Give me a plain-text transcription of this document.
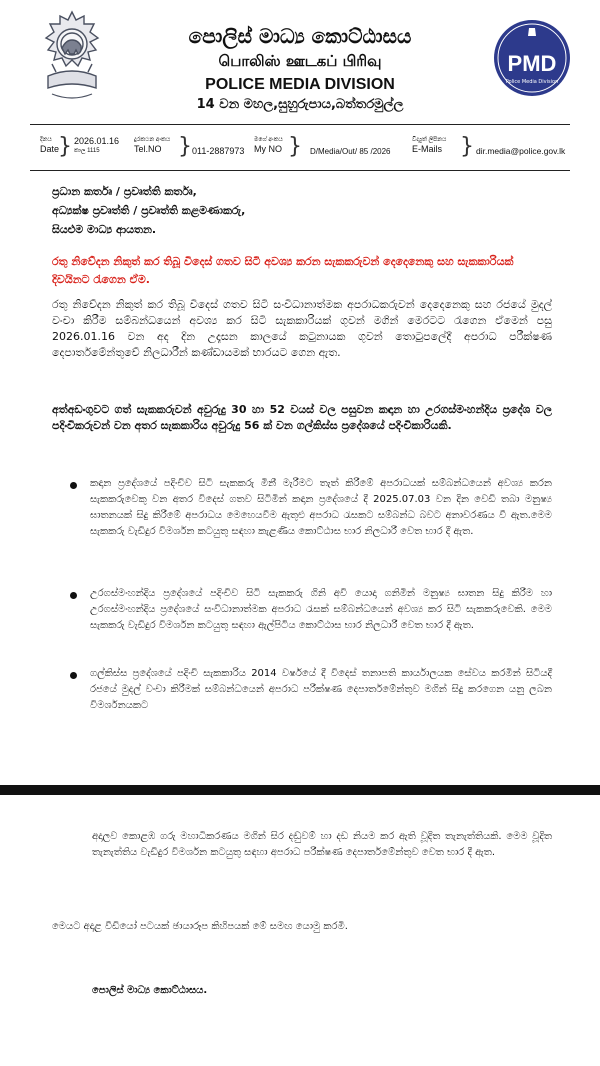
පොලිස් මාධ්‍ය කොට්ඨාසය
பொலிஸ் ஊடகப் பிரிவு
POLICE MEDIA DIVISION
14 වන මහල,සුහුරුපාය,බත්තරමුල්ල
PMD
Police Media Division
දිනය
Date
} 2026.01.16
කාල 1115
දුරකථන අංකය
Tel.NO } 011-2887973
මගේ අංකය
My NO } D/Media/Out/ 85 /2026
විද්‍යුත් ලිපිනය
E-Mails } dir.media@police.gov.lk
ප්‍රධාන කර්තෘ / ප්‍රවෘත්ති කර්තෘ,
අධ්‍යක්ෂ ප්‍රවෘත්ති / ප්‍රවෘත්ති කළමණාකරු,
සියළුම මාධ්‍ය ආයතන.
රතු නිවේදන නිකුත් කර තිබූ විදෙස් ගතව සිටි අවශ්‍ය කරන සැකකරුවන් දෙදෙනෙකු සහ සැකකාරියක් දිවයිනට රැගෙන ඒම.
රතු නිවේදන නිකුත් කර තිබූ විදෙස් ගතව සිටි සංවිධානාත්මක අපරාධකරුවන් දෙදෙනෙකු සහ රජයේ මුදල් වංචා කිරීම සම්බන්ධයෙන් අවශ්‍ය කර සිටි සැකකාරියක් ගුවන් මගින් මෙරටට රැගෙන ඒමෙන් පසු 2026.01.16 වන අද දින උදෑසන කාලයේ කටුනායක ගුවන් තොටුපලේදී අපරාධ පරීක්ෂණ දෙපාර්තමේන්තුවේ නිලධාරීන් කණ්ඩායමක් භාරයට ගෙන ඇත.
අත්අඩංගුවට ගත් සැකකරුවන් අවුරුදු 30 හා 52 වයස් වල පසුවන කඳාන හා උරගස්මංහන්දිය ප්‍රදේශ වල පදිංචිකරුවන් වන අතර සැකකාරිය අවුරුදු 56 ක් වන ගල්කිස්ස ප්‍රදේශයේ පදිංචිකාරියකි.
කඳාන ප්‍රදේශයේ පදිංචිව සිටි සැකකරු මිනී මැරීමට තැත් කිරීමේ අපරාධයක් සම්බන්ධයෙන් අවශ්‍ය කරන සැකකරුවෙකු වන අතර විදෙස් ගතව සිටිමින් කඳාන ප්‍රදේශයේ දී 2025.07.03 වන දින වෙඩි තබා මනුෂ්‍ය ඝාතනයක් සිදු කිරීමේ අපරාධය මෙහෙයවීම ඇතුළු අපරාධ රැසකට සම්බන්ධ බවට අනාවරණය වී ඇත.මෙම සැකකරු වැඩිදුර විමර්ශන කටයුතු සඳහා කැළණිය කොට්ඨාස භාර නිලධාරී වෙත භාර දී ඇත.
උරගස්මංහන්දිය ප්‍රදේශයේ පදිංචිව සිටි සැකකරු ගිනි අවි යොදා ගනිමින් මනුෂ්‍ය ඝාතන සිදු කිරීම හා උරගස්මංහන්දිය ප්‍රදේශයේ සංවිධානාත්මක අපරාධ රැසක් සම්බන්ධයෙන් අවශ්‍ය කර සිටි සැකකරුවෙකි. මෙම සැකකරු වැඩිදුර විමර්ශන කටයුතු සඳහා ඇල්පිටිය කොට්ඨාස භාර නිලධාරී වෙත භාර දී ඇත.
ගල්කිස්ස ප්‍රදේශයේ පදිංචි සැකකාරිය 2014 වර්ෂයේ දී විදෙස් තනාපති කාර්යාලයක සේවය කරමින් සිටියදී රජයේ මුදල් වංචා කිරීමක් සම්බන්ධයෙන් අපරාධ පරීක්ෂණ දෙපාර්තමේන්තුව මගින් සිදු කරගෙන යනු ලබන විමර්ශනයකට
අදාලව කොළඹ ගරු මහාධිකරණය මගින් සිර දඬුවම් හා දඩ නියම කර ඇති වූදිත තැනැත්තියකි. මෙම වූදිත තැනැත්තිය වැඩිදුර විමර්ශන කටයුතු සඳහා අපරාධ පරීක්ෂණ දෙපාර්තමේන්තුව වෙත භාර දී ඇත.
මෙයට අදාළ වීඩියෝ පටයක් ඡායාරූප කිහිපයක් මේ සමඟ යොමු කරමි.
පොලිස් මාධ්‍ය කොට්ඨාසය.
